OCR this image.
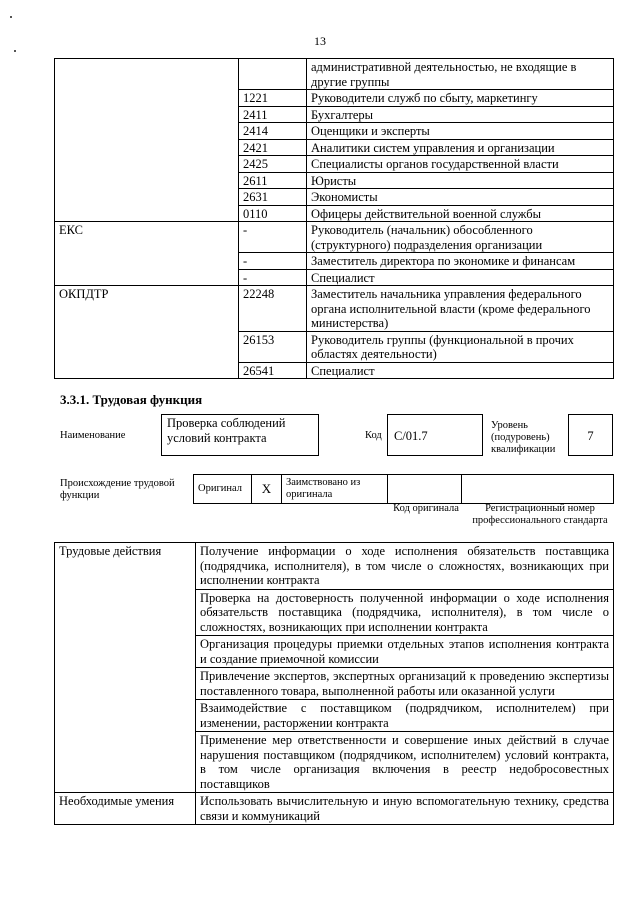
13
		административной деятельностью, не входящие в другие группы
	1221	Руководители служб по сбыту, маркетингу
	2411	Бухгалтеры
	2414	Оценщики и эксперты
	2421	Аналитики систем управления и организации
	2425	Специалисты органов государственной власти
	2611	Юристы
	2631	Экономисты
	0110	Офицеры действительной военной службы
ЕКС	-	Руководитель (начальник) обособленного (структурного) подразделения организации
	-	Заместитель директора по экономике и финансам
	-	Специалист
ОКПДТР	22248	Заместитель начальника управления федерального органа исполнительной власти (кроме федерального министерства)
	26153	Руководитель группы (функциональной в прочих областях деятельности)
	26541	Специалист
3.3.1. Трудовая функция
Наименование
Проверка соблюдений условий контракта	Код С/01.7
Уровень (подуровень) квалификации
7
Происхождение трудовой функции
Оригинал	Х	Заимствовано из оригинала		
Код оригинала	Регистрационный номер профессионального стандарта
Трудовые действия	Получение информации о ходе исполнения обязательств поставщика (подрядчика, исполнителя), в том числе о сложностях, возникающих при исполнении контракта
	Проверка на достоверность полученной информации о ходе исполнения обязательств поставщика (подрядчика, исполнителя), в том числе о сложностях, возникающих при исполнении контракта
	Организация процедуры приемки отдельных этапов исполнения контракта и создание приемочной комиссии
	Привлечение экспертов, экспертных организаций к проведению экспертизы поставленного товара, выполненной работы или оказанной услуги
	Взаимодействие с поставщиком (подрядчиком, исполнителем) при изменении, расторжении контракта
	Применение мер ответственности и совершение иных действий в случае нарушения поставщиком (подрядчиком, исполнителем) условий контракта, в том числе организация включения в реестр недобросовестных поставщиков
Необходимые умения	Использовать вычислительную и иную вспомогательную технику, средства связи и коммуникаций
